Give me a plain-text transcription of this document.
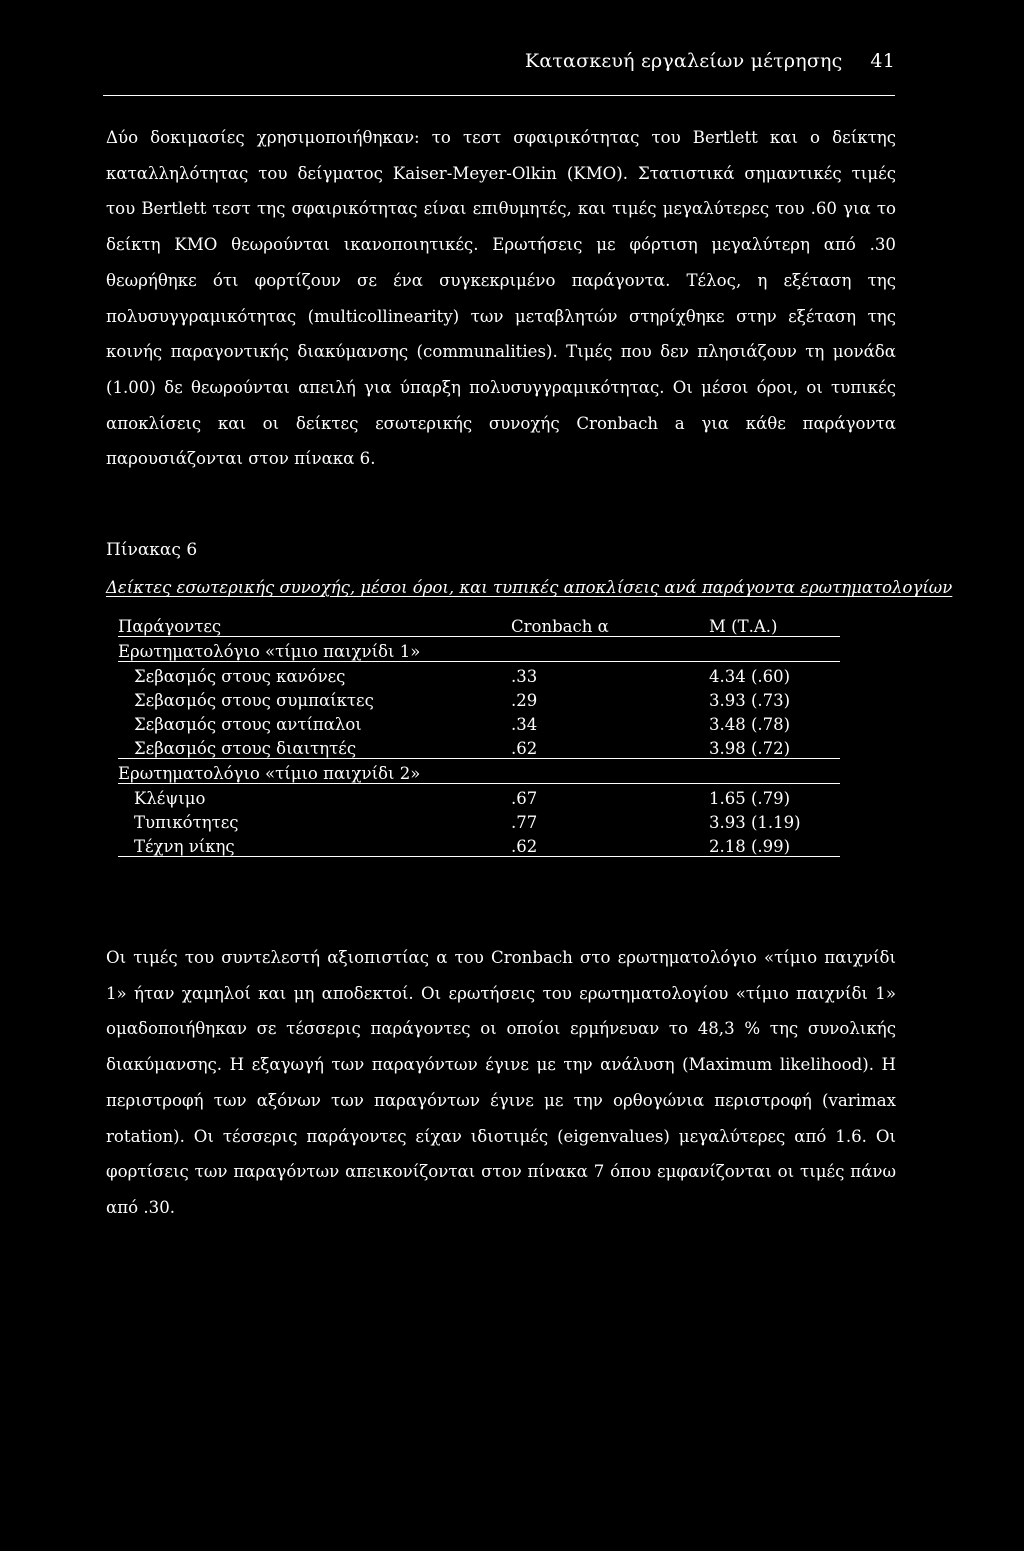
Κατασκευή εργαλείων μέτρησης 41

Δύο δοκιμασίες χρησιμοποιήθηκαν: το τεστ σφαιρικότητας του Bertlett και ο δείκτης καταλληλότητας του δείγματος Kaiser-Meyer-Olkin (KMO). Στατιστικά σημαντικές τιμές του Bertlett τεστ της σφαιρικότητας είναι επιθυμητές, και τιμές μεγαλύτερες του .60 για το δείκτη KMO θεωρούνται ικανοποιητικές. Ερωτήσεις με φόρτιση μεγαλύτερη από .30 θεωρήθηκε ότι φορτίζουν σε ένα συγκεκριμένο παράγοντα. Τέλος, η εξέταση της πολυσυγγραμικότητας (multicollinearity) των μεταβλητών στηρίχθηκε στην εξέταση της κοινής παραγοντικής διακύμανσης (communalities). Τιμές που δεν πλησιάζουν τη μονάδα (1.00) δε θεωρούνται απειλή για ύπαρξη πολυσυγγραμικότητας. Οι μέσοι όροι, οι τυπικές αποκλίσεις και οι δείκτες εσωτερικής συνοχής Cronbach a για κάθε παράγοντα παρουσιάζονται στον πίνακα 6.

Πίνακας 6
Δείκτες εσωτερικής συνοχής, μέσοι όροι, και τυπικές αποκλίσεις ανά παράγοντα ερωτηματολογίων
Παράγοντες	Cronbach α	Μ (Τ.Α.)
Ερωτηματολόγιο «τίμιο παιχνίδι 1»		
Σεβασμός στους κανόνες	.33	4.34 (.60)
Σεβασμός στους συμπαίκτες	.29	3.93 (.73)
Σεβασμός στους αντίπαλοι	.34	3.48 (.78)
Σεβασμός στους διαιτητές	.62	3.98 (.72)
Ερωτηματολόγιο «τίμιο παιχνίδι 2»		
Κλέψιμο	.67	1.65 (.79)
Τυπικότητες	.77	3.93 (1.19)
Τέχνη νίκης	.62	2.18 (.99)

Οι τιμές του συντελεστή αξιοπιστίας α του Cronbach στο ερωτηματολόγιο «τίμιο παιχνίδι 1» ήταν χαμηλοί και μη αποδεκτοί. Οι ερωτήσεις του ερωτηματολογίου «τίμιο παιχνίδι 1» ομαδοποιήθηκαν σε τέσσερις παράγοντες οι οποίοι ερμήνευαν το 48,3 % της συνολικής διακύμανσης. Η εξαγωγή των παραγόντων έγινε με την ανάλυση (Maximum likelihood). Η περιστροφή των αξόνων των παραγόντων έγινε με την ορθογώνια περιστροφή (varimax rotation). Οι τέσσερις παράγοντες είχαν ιδιοτιμές (eigenvalues) μεγαλύτερες από 1.6. Οι φορτίσεις των παραγόντων απεικονίζονται στον πίνακα 7 όπου εμφανίζονται οι τιμές πάνω από .30.
